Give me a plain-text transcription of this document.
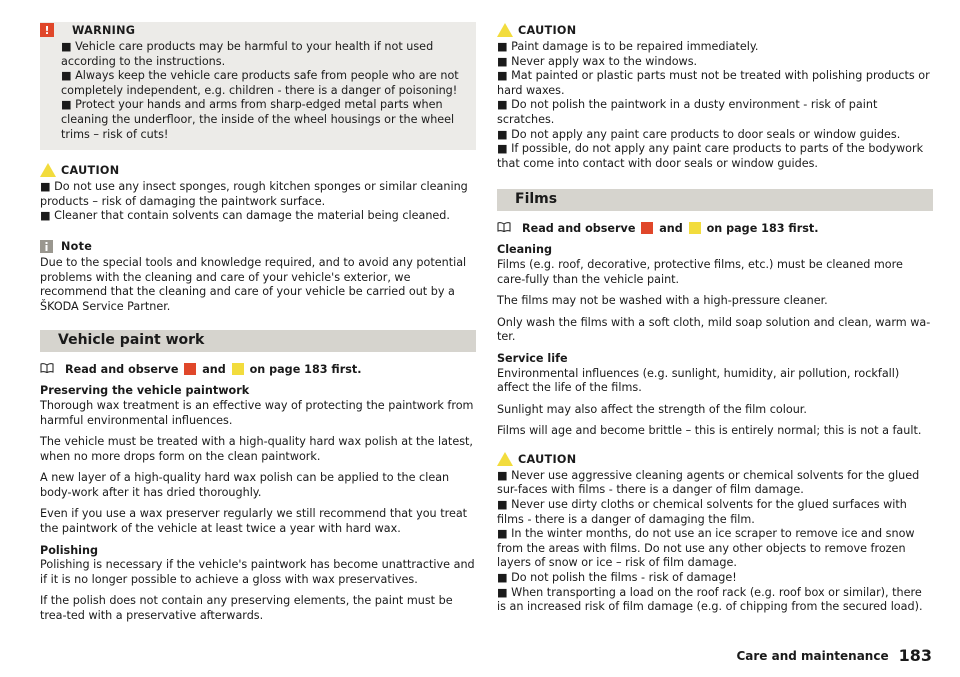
!	WARNING

■ Vehicle care products may be harmful to your health if not used according to the instructions.

■ Always keep the vehicle care products safe from people who are not completely independent, e.g. children - there is a danger of poisoning!

■ Protect your hands and arms from sharp-edged metal parts when cleaning the underfloor, the inside of the wheel housings or the wheel trims – risk of cuts!

CAUTION

■ Do not use any insect sponges, rough kitchen sponges or similar cleaning products – risk of damaging the paintwork surface.

■ Cleaner that contain solvents can damage the material being cleaned.

Note

Due to the special tools and knowledge required, and to avoid any potential problems with the cleaning and care of your vehicle's exterior, we recommend that the cleaning and care of your vehicle be carried out by a ŠKODA Service Partner.

Vehicle paint work
Read and observe and on page 183 first.

Preserving the vehicle paintwork

Thorough wax treatment is an effective way of protecting the paintwork from harmful environmental influences.

The vehicle must be treated with a high-quality hard wax polish at the latest, when no more drops form on the clean paintwork.

A new layer of a high-quality hard wax polish can be applied to the clean body-work after it has dried thoroughly.

Even if you use a wax preserver regularly we still recommend that you treat the paintwork of the vehicle at least twice a year with hard wax.

Polishing

Polishing is necessary if the vehicle's paintwork has become unattractive and if it is no longer possible to achieve a gloss with wax preservatives.

If the polish does not contain any preserving elements, the paint must be trea-ted with a preservative afterwards.

CAUTION

■ Paint damage is to be repaired immediately.

■ Never apply wax to the windows.

■ Mat painted or plastic parts must not be treated with polishing products or hard waxes.

■ Do not polish the paintwork in a dusty environment - risk of paint scratches.

■ Do not apply any paint care products to door seals or window guides.

■ If possible, do not apply any paint care products to parts of the bodywork that come into contact with door seals or window guides.

Films
Read and observe and on page 183 first.

Cleaning

Films (e.g. roof, decorative, protective films, etc.) must be cleaned more care-fully than the vehicle paint.

The films may not be washed with a high-pressure cleaner.

Only wash the films with a soft cloth, mild soap solution and clean, warm wa-ter.

Service life

Environmental influences (e.g. sunlight, humidity, air pollution, rockfall) affect the life of the films.

Sunlight may also affect the strength of the film colour.

Films will age and become brittle – this is entirely normal; this is not a fault.

CAUTION

■ Never use aggressive cleaning agents or chemical solvents for the glued sur-faces with films - there is a danger of film damage.

■ Never use dirty cloths or chemical solvents for the glued surfaces with films - there is a danger of damaging the film.

■ In the winter months, do not use an ice scraper to remove ice and snow from the areas with films. Do not use any other objects to remove frozen layers of snow or ice – risk of film damage.

■ Do not polish the films - risk of damage!

■ When transporting a load on the roof rack (e.g. roof box or similar), there is an increased risk of film damage (e.g. of chipping from the secured load).

Care and maintenance 183
